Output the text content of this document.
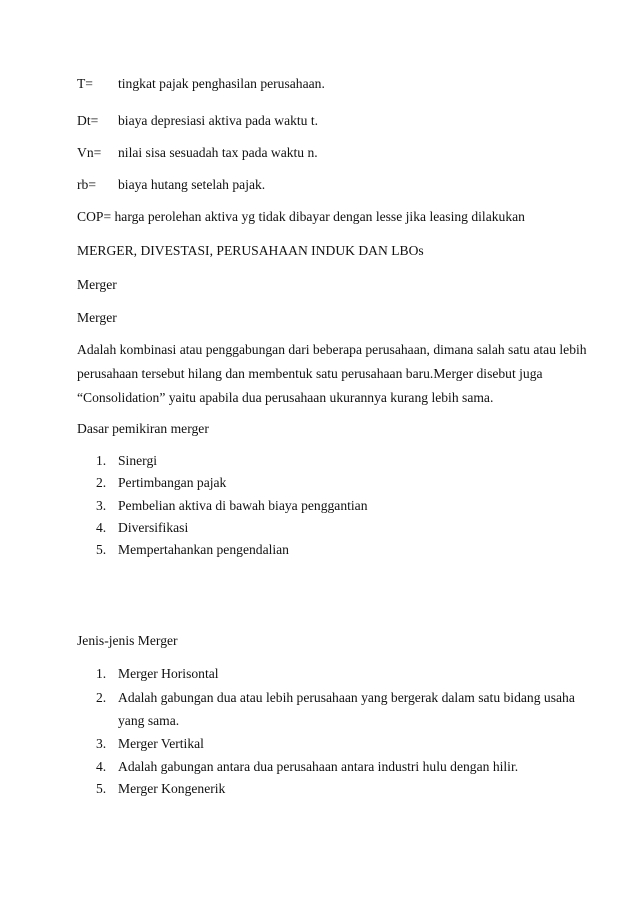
T= tingkat pajak penghasilan perusahaan.
Dt= biaya depresiasi aktiva pada waktu t.
Vn= nilai sisa sesuadah tax pada waktu n.
rb= biaya hutang setelah pajak.
COP= harga perolehan aktiva yg tidak dibayar dengan lesse jika leasing dilakukan
MERGER, DIVESTASI, PERUSAHAAN INDUK DAN LBOs
Merger
Merger
Adalah kombinasi atau penggabungan dari beberapa perusahaan, dimana salah satu atau lebih
perusahaan tersebut hilang dan membentuk satu perusahaan baru.Merger disebut juga
“Consolidation” yaitu apabila dua perusahaan ukurannya kurang lebih sama.
Dasar pemikiran merger
1. Sinergi
2. Pertimbangan pajak
3. Pembelian aktiva di bawah biaya penggantian
4. Diversifikasi
5. Mempertahankan pengendalian
Jenis-jenis Merger
1. Merger Horisontal
2. Adalah gabungan dua atau lebih perusahaan yang bergerak dalam satu bidang usaha
yang sama.
3. Merger Vertikal
4. Adalah gabungan antara dua perusahaan antara industri hulu dengan hilir.
5. Merger Kongenerik
